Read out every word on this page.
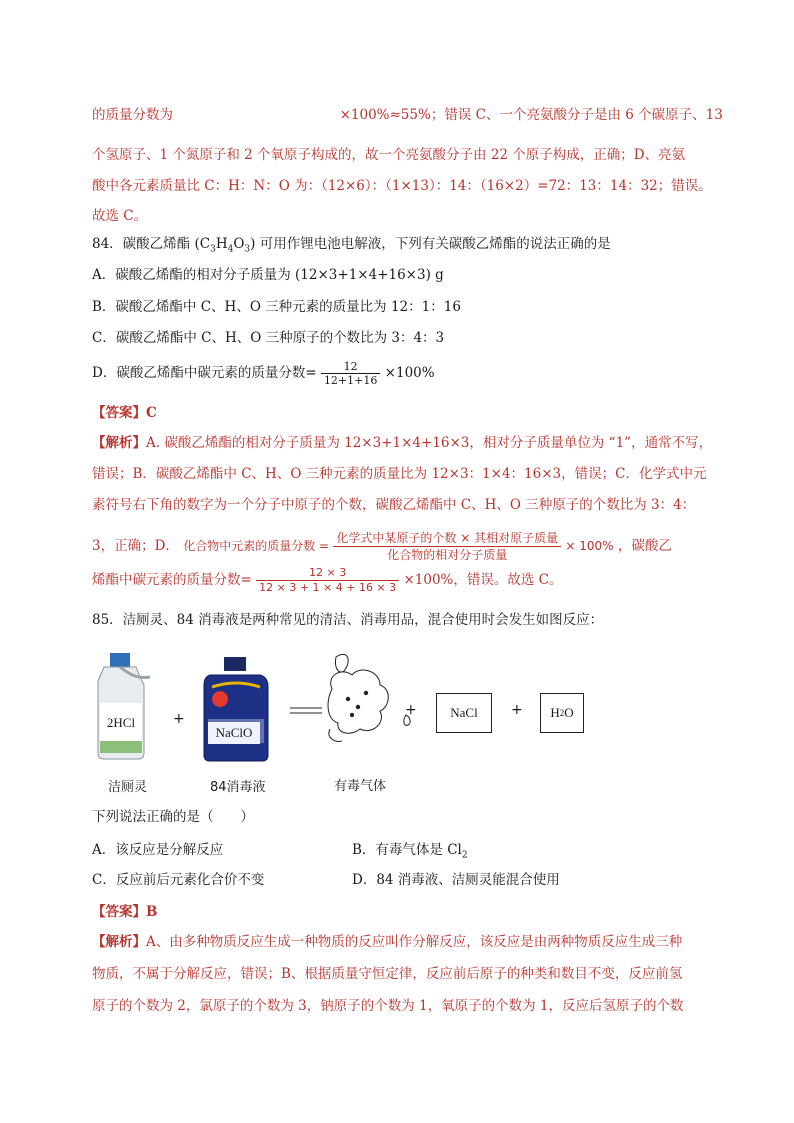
的质量分数为	×100%≈55%；错误 C、一个亮氨酸分子是由 6 个碳原子、13
个氢原子、1 个氮原子和 2 个氧原子构成的，故一个亮氨酸分子由 22 个原子构成，正确；D、亮氨
酸中各元素质量比 C：H：N：O 为：（12×6）：（1×13）：14：（16×2）=72：13：14：32；错误。
故选 C。
84．碳酸乙烯酯 $(C_3H_4O_3)$ 可用作锂电池电解液，下列有关碳酸乙烯酯的说法正确的是
A．碳酸乙烯酯的相对分子质量为 (12×3+1×4+16×3) g
B．碳酸乙烯酯中 C、H、O 三种元素的质量比为 12：1：16
C．碳酸乙烯酯中 C、H、O 三种原子的个数比为 3：4：3
D．碳酸乙烯酯中碳元素的质量分数= $\frac{12}{12+1+16} \times 100\%$
【答案】C
【解析】A. 碳酸乙烯酯的相对分子质量为 12×3+1×4+16×3，相对分子质量单位为 “1”，通常不写，
错误；B．碳酸乙烯酯中 C、H、O 三种元素的质量比为 12×3：1×4：16×3，错误；C．化学式中元
素符号右下角的数字为一个分子中原子的个数，碳酸乙烯酯中 C、H、O 三种原子的个数比为 3：4：
3，正确；D． 化合物中元素的质量分数 = $\frac{\text{化学式中某原子的个数 × 其相对原子质量}}{\text{化合物的相对分子质量}} \times 100\%$ ，碳酸乙
烯酯中碳元素的质量分数= $\frac{12 \times 3}{12 \times 3 + 1 \times 4 + 16 \times 3} \times 100\%$，错误。故选 C。
85．洁厕灵、84 消毒液是两种常见的清洁、消毒用品，混合使用时会发生如图反应：
2HCl
NaClO
+
+	+
NaCl	H 2 O
洁厕灵	84消毒液	有毒气体
下列说法正确的是（　　）
A．该反应是分解反应	B．有毒气体是 $Cl_2$
C．反应前后元素化合价不变	D．84 消毒液、洁厕灵能混合使用
【答案】B
【解析】A、由多种物质反应生成一种物质的反应叫作分解反应，该反应是由两种物质反应生成三种
物质，不属于分解反应，错误；B、根据质量守恒定律，反应前后原子的种类和数目不变，反应前氢
原子的个数为 2，氯原子的个数为 3，钠原子的个数为 1，氧原子的个数为 1，反应后氢原子的个数
